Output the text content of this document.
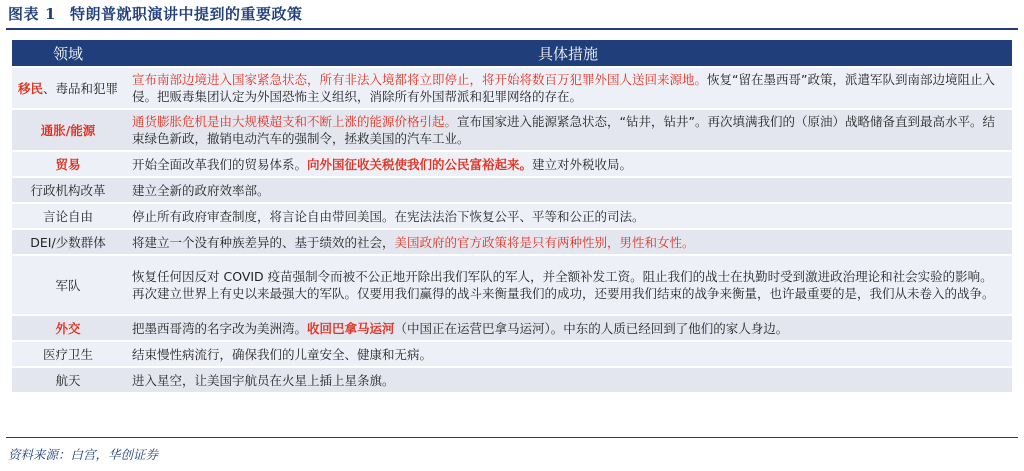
图表 1 特朗普就职演讲中提到的重要政策
领域	具体措施
移民、毒品和犯罪	宣布南部边境进入国家紧急状态，所有非法入境都将立即停止，将开始将数百万犯罪外国人送回来源地。恢复“留在墨西哥”政策，派遣军队到南部边境阻止入侵。把贩毒集团认定为外国恐怖主义组织，消除所有外国帮派和犯罪网络的存在。
通胀/能源	通货膨胀危机是由大规模超支和不断上涨的能源价格引起。宣布国家进入能源紧急状态，“钻井，钻井”。再次填满我们的（原油）战略储备直到最高水平。结束绿色新政，撤销电动汽车的强制令，拯救美国的汽车工业。
贸易	开始全面改革我们的贸易体系。向外国征收关税使我们的公民富裕起来。建立对外税收局。
行政机构改革	建立全新的政府效率部。
言论自由	停止所有政府审查制度，将言论自由带回美国。在宪法法治下恢复公平、平等和公正的司法。
DEI/少数群体	将建立一个没有种族差异的、基于绩效的社会，美国政府的官方政策将是只有两种性别，男性和女性。
军队	恢复任何因反对 COVID 疫苗强制令而被不公正地开除出我们军队的军人，并全额补发工资。阻止我们的战士在执勤时受到激进政治理论和社会实验的影响。再次建立世界上有史以来最强大的军队。仅要用我们赢得的战斗来衡量我们的成功，还要用我们结束的战争来衡量，也许最重要的是，我们从未卷入的战争。
外交	把墨西哥湾的名字改为美洲湾。收回巴拿马运河（中国正在运营巴拿马运河）。中东的人质已经回到了他们的家人身边。
医疗卫生	结束慢性病流行，确保我们的儿童安全、健康和无病。
航天	进入星空，让美国宇航员在火星上插上星条旗。
资料来源：白宫，华创证券
